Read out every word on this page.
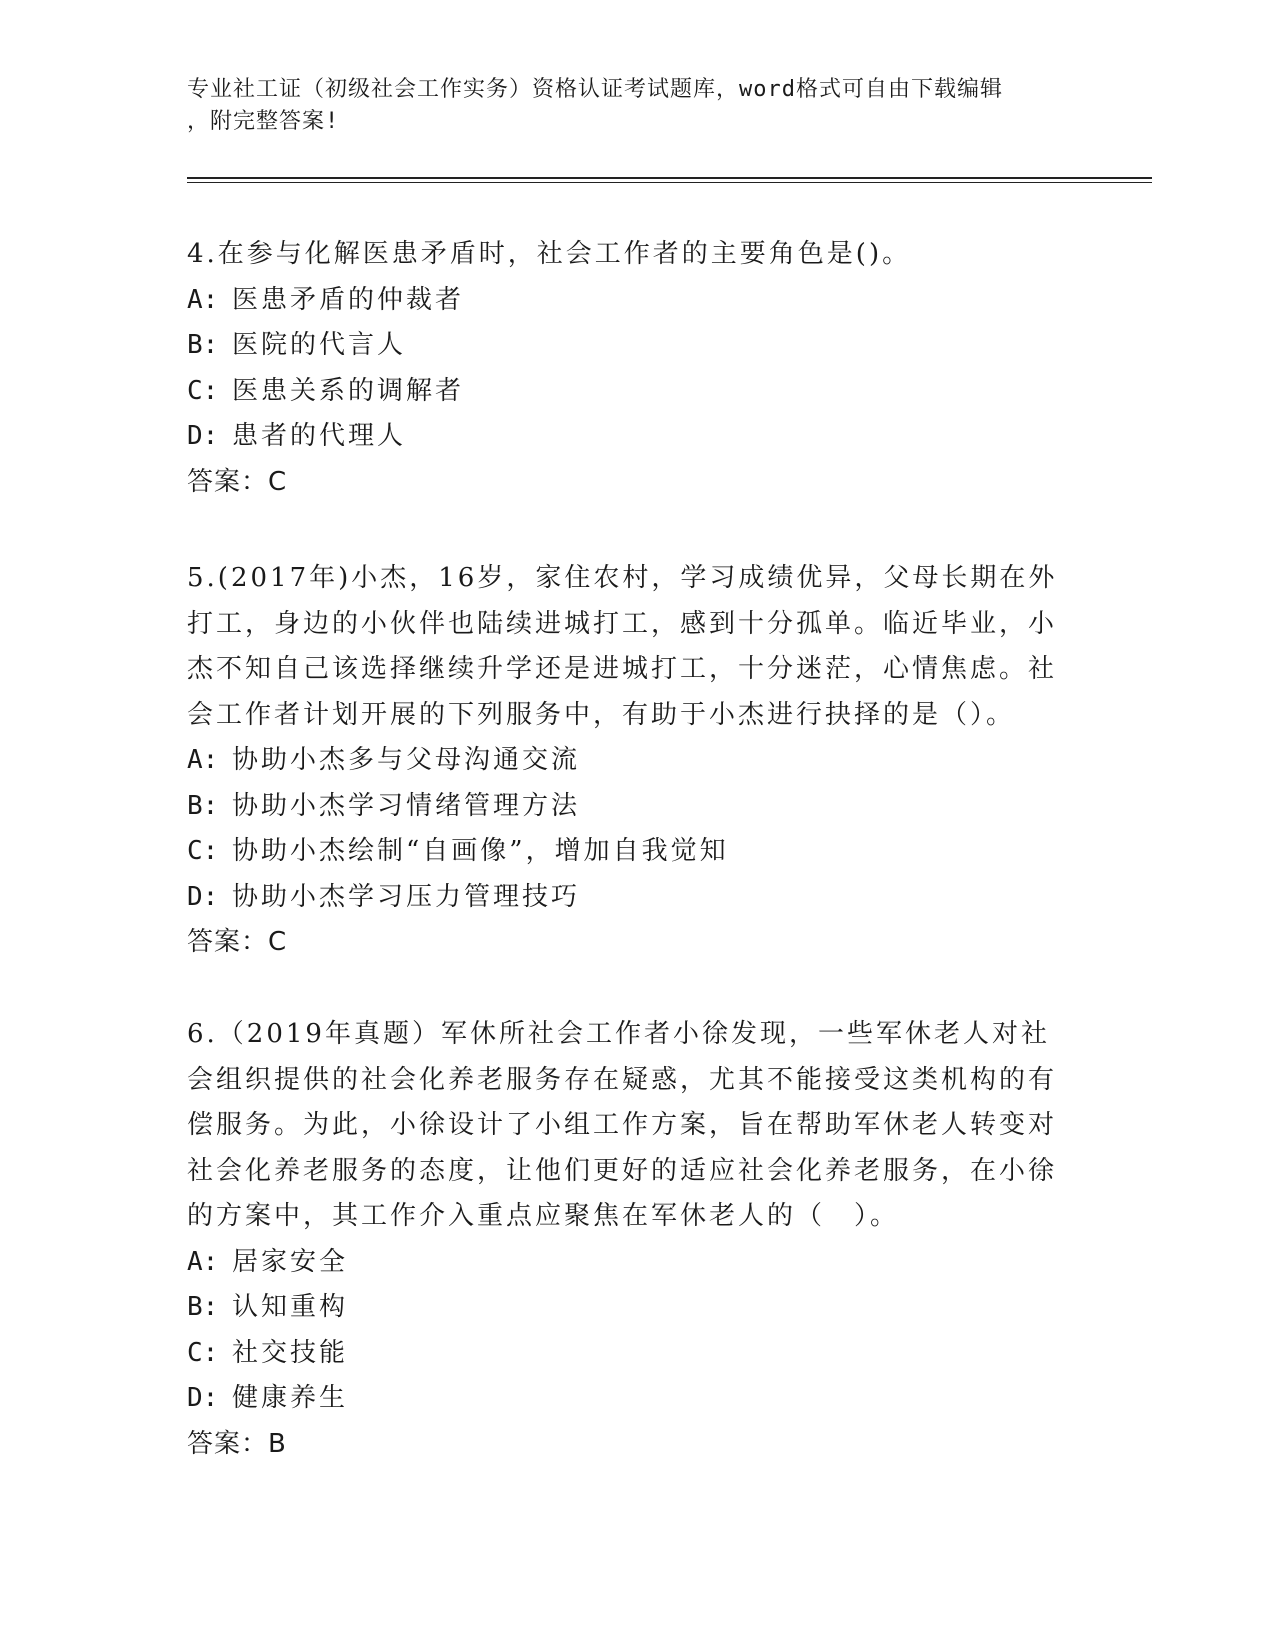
专业社工证（初级社会工作实务）资格认证考试题库，word格式可自由下载编辑
，附完整答案!

4.在参与化解医患矛盾时，社会工作者的主要角色是()。

A: 医患矛盾的仲裁者

B: 医院的代言人

C: 医患关系的调解者

D: 患者的代理人

答案：C

5.(2017年)小杰，16岁，家住农村，学习成绩优异，父母长期在外打工，身边的小伙伴也陆续进城打工，感到十分孤单。临近毕业，小杰不知自己该选择继续升学还是进城打工，十分迷茫，心情焦虑。社会工作者计划开展的下列服务中，有助于小杰进行抉择的是（）。

A: 协助小杰多与父母沟通交流

B: 协助小杰学习情绪管理方法

C: 协助小杰绘制“自画像”，增加自我觉知

D: 协助小杰学习压力管理技巧

答案：C

6.（2019年真题）军休所社会工作者小徐发现，一些军休老人对社会组织提供的社会化养老服务存在疑惑，尤其不能接受这类机构的有偿服务。为此，小徐设计了小组工作方案，旨在帮助军休老人转变对社会化养老服务的态度，让他们更好的适应社会化养老服务，在小徐的方案中，其工作介入重点应聚焦在军休老人的（　）。

A: 居家安全

B: 认知重构

C: 社交技能

D: 健康养生

答案：B
